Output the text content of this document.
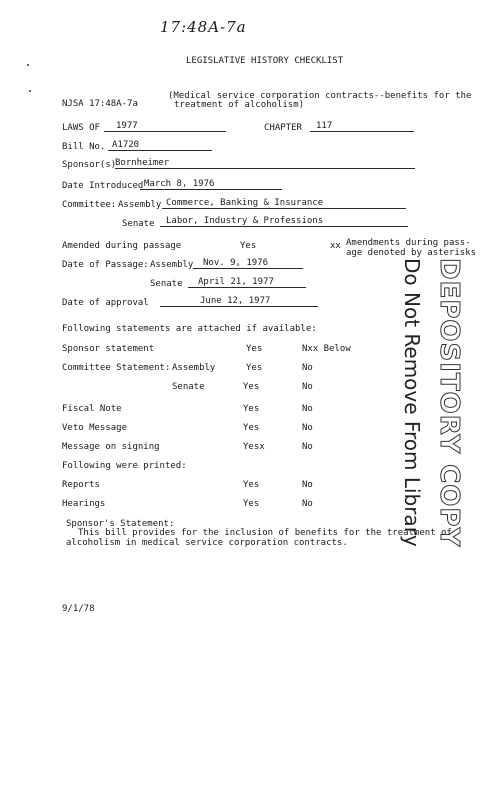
17:48A-7a
LEGISLATIVE HISTORY CHECKLIST
NJSA 17:48A-7a
(Medical service corporation contracts--benefits for the
treatment of alcoholism)
LAWS OF	1977	CHAPTER	117
Bill No. A1720
Sponsor(s)
Bornheimer
Date Introduced March 8, 1976
Committee: Assembly Commerce, Banking & Insurance
Senate	Labor, Industry & Professions
Amended during passage	Yes	xx Amendments during pass-
age denoted by asterisks
Date of Passage: Assembly	Nov. 9, 1976
Senate	April 21, 1977
Date of approval	June 12, 1977
Following statements are attached if available:
Sponsor statement	Yes	Nxx Below
Committee Statement: Assembly	Yes	No
Senate	Yes	No
Fiscal Note	Yes	No
Veto Message	Yes	No
Message on signing	Yesx	No
Following were printed:
Reports	Yes	No
Hearings	Yes	No	DEPOSITORY COPY
Do Not Remove From Library
Sponsor's Statement:
This bill provides for the inclusion of benefits for the treatment of
alcoholism in medical service corporation contracts.
9/1/78
